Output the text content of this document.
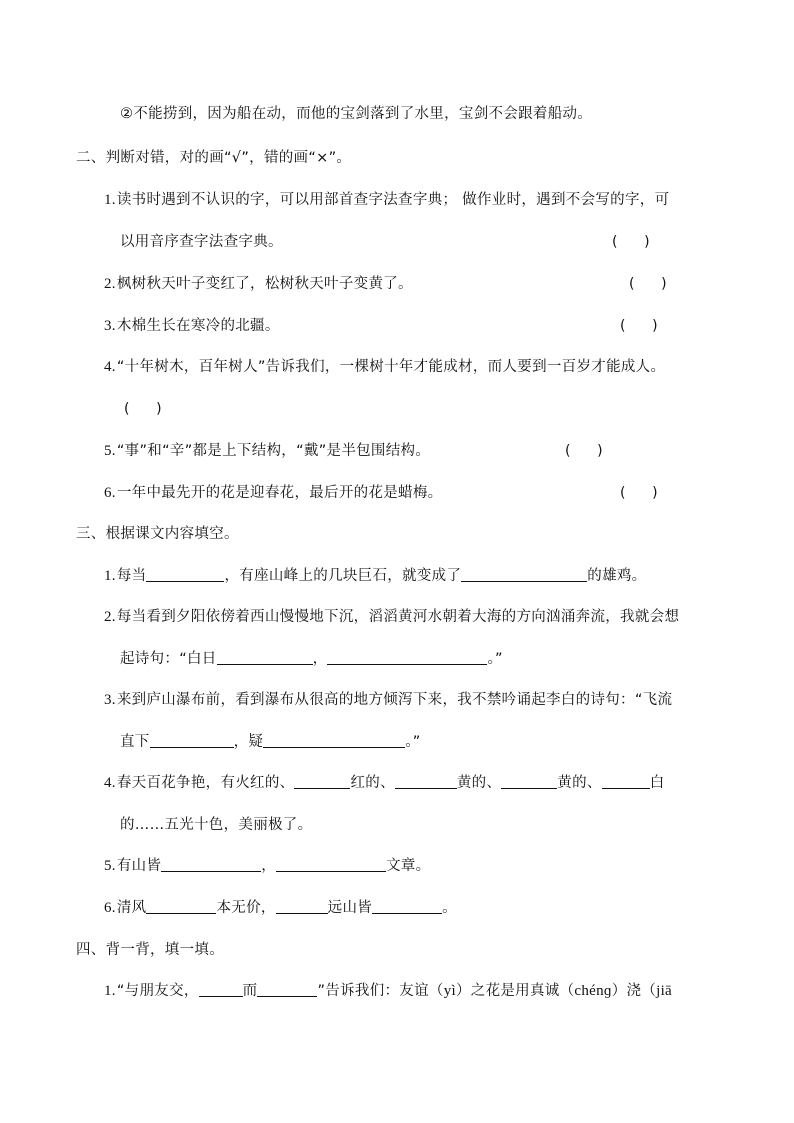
②不能捞到，因为船在动，而他的宝剑落到了水里，宝剑不会跟着船动。
二、判断对错，对的画“√”，错的画“×”。
1.读书时遇到不认识的字，可以用部首查字法查字典； 做作业时，遇到不会写的字，可
以用音序查字法查字典。	(      )
2.枫树秋天叶子变红了，松树秋天叶子变黄了。	(      )
3.木棉生长在寒冷的北疆。	(      )
4.“十年树木，百年树人”告诉我们，一棵树十年才能成材，而人要到一百岁才能成人。
(      )
5.“事”和“辛”都是上下结构，“戴”是半包围结构。	(      )
6.一年中最先开的花是迎春花，最后开的花是蜡梅。	(      )
三、根据课文内容填空。
1.每当	，有座山峰上的几块巨石，就变成了	的雄鸡。
2.每当看到夕阳依傍着西山慢慢地下沉，滔滔黄河水朝着大海的方向汹涌奔流，我就会想
起诗句：“白日	，	。”
3.来到庐山瀑布前，看到瀑布从很高的地方倾泻下来，我不禁吟诵起李白的诗句：“飞流
直下	，疑	。”
4.春天百花争艳，有火红的、	红的、	黄的、	黄的、	白
的……五光十色，美丽极了。
5.有山皆	，	文章。
6.清风	本无价，	远山皆	。
四、背一背，填一填。
1.“与朋友交，	而	”告诉我们：友谊（yì）之花是用真诚（chénɡ）浇（jiā
